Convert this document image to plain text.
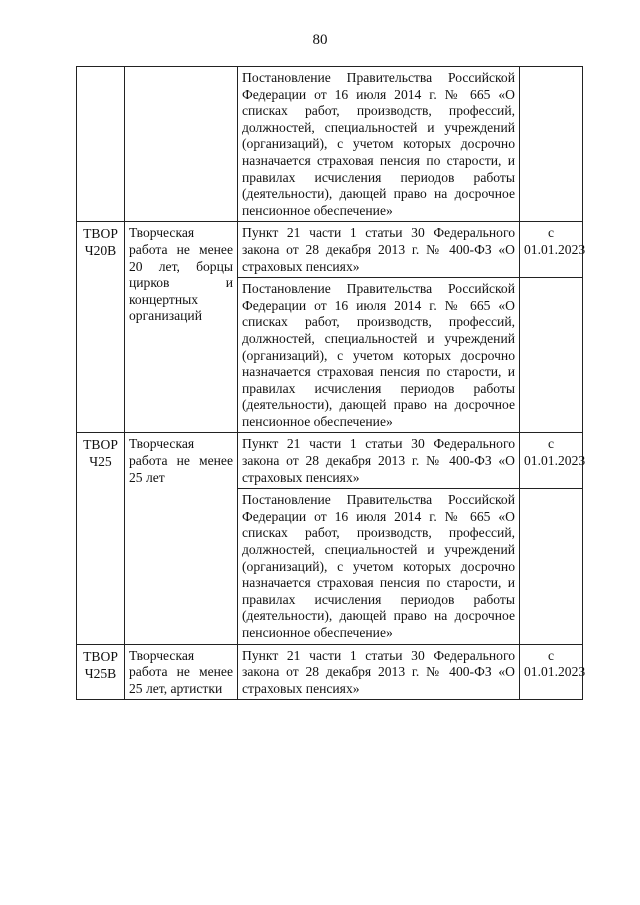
80
		Постановление Правительства Российской Федерации от 16 июля 2014 г. № 665 «О списках работ, производств, профессий, должностей, специальностей и учреждений (организаций), с учетом которых досрочно назначается страховая пенсия по старости, и правилах исчисления периодов работы (деятельности), дающей право на досрочное пенсионное обеспечение»	
ТВОР Ч20В	Творческая работа не менее 20 лет, борцы цирков и концертных организаций	Пункт 21 части 1 статьи 30 Федерального закона от 28 декабря 2013 г. № 400-ФЗ «О страховых пенсиях»	с 01.01.2023
		Постановление Правительства Российской Федерации от 16 июля 2014 г. № 665 «О списках работ, производств, профессий, должностей, специальностей и учреждений (организаций), с учетом которых досрочно назначается страховая пенсия по старости, и правилах исчисления периодов работы (деятельности), дающей право на досрочное пенсионное обеспечение»	
ТВОР Ч25	Творческая работа не менее 25 лет	Пункт 21 части 1 статьи 30 Федерального закона от 28 декабря 2013 г. № 400-ФЗ «О страховых пенсиях»	с 01.01.2023
		Постановление Правительства Российской Федерации от 16 июля 2014 г. № 665 «О списках работ, производств, профессий, должностей, специальностей и учреждений (организаций), с учетом которых досрочно назначается страховая пенсия по старости, и правилах исчисления периодов работы (деятельности), дающей право на досрочное пенсионное обеспечение»	
ТВОР Ч25В	Творческая работа не менее 25 лет, артистки	Пункт 21 части 1 статьи 30 Федерального закона от 28 декабря 2013 г. № 400-ФЗ «О страховых пенсиях»	с 01.01.2023
